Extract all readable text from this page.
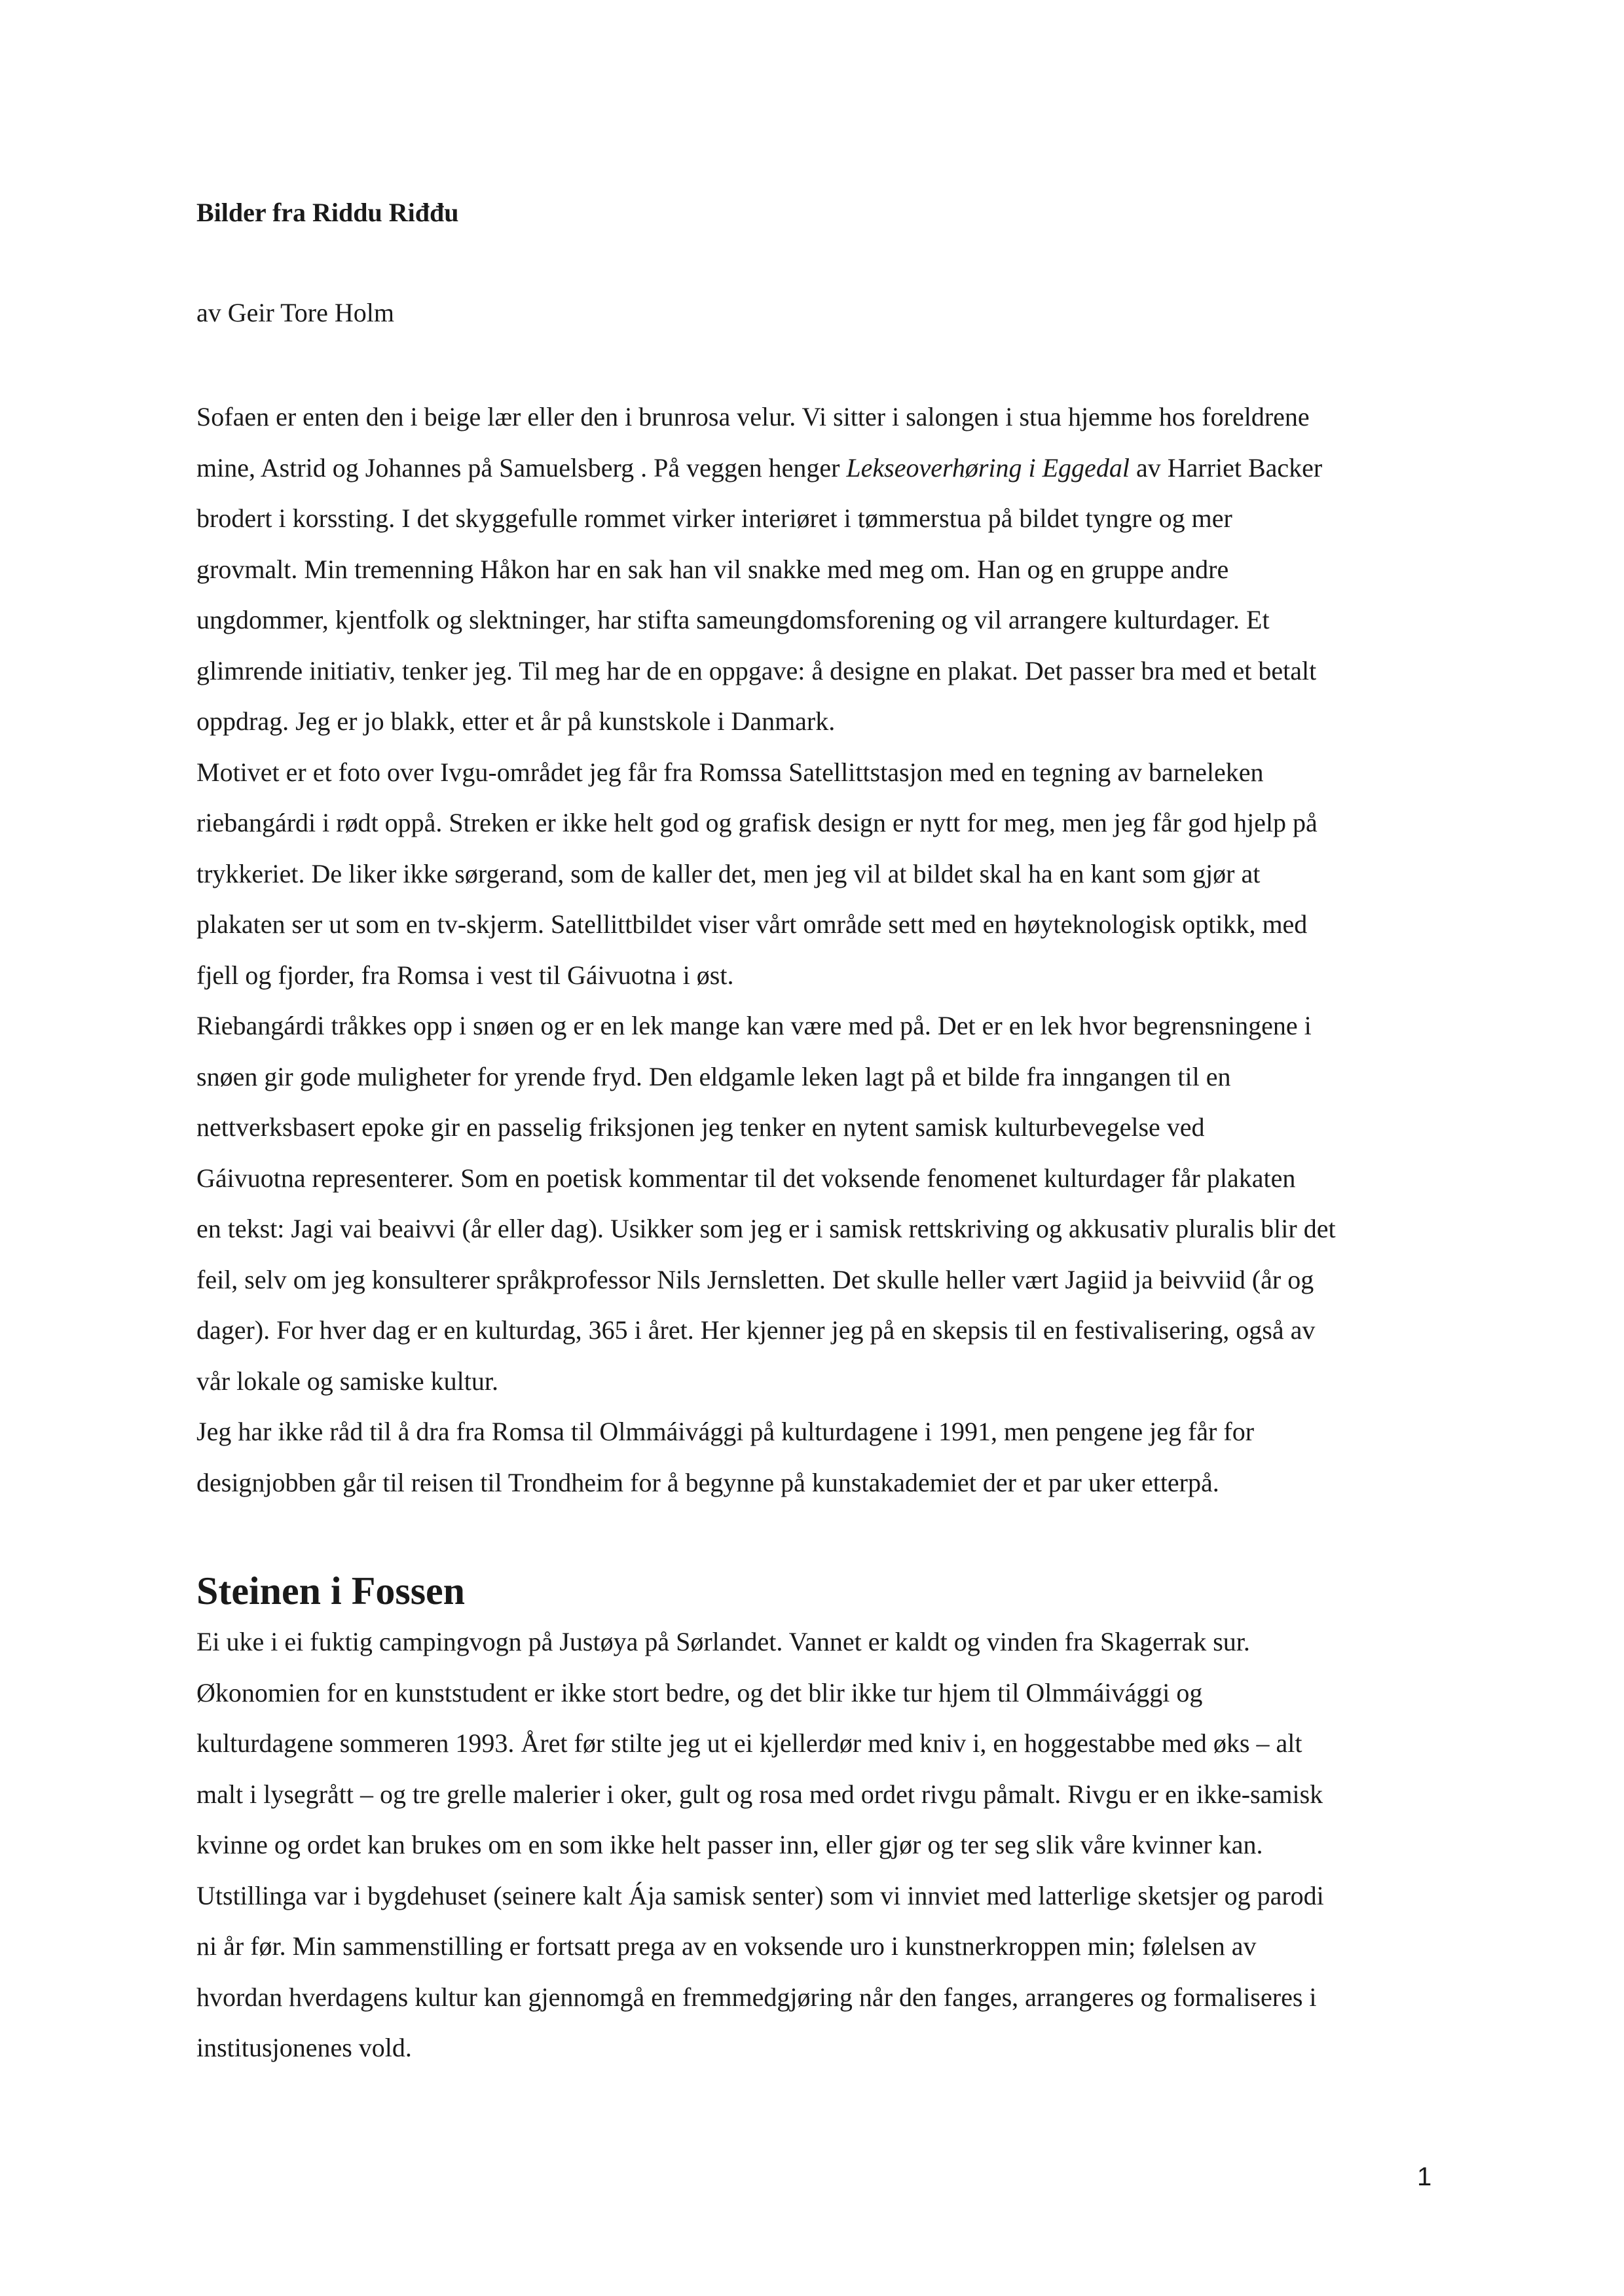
Bilder fra Riddu Riđđu

av Geir Tore Holm

Sofaen er enten den i beige lær eller den i brunrosa velur. Vi sitter i salongen i stua hjemme hos foreldrene
mine, Astrid og Johannes på Samuelsberg . På veggen henger Lekseoverhøring i Eggedal av Harriet Backer
brodert i korssting. I det skyggefulle rommet virker interiøret i tømmerstua på bildet tyngre og mer
grovmalt. Min tremenning Håkon har en sak han vil snakke med meg om. Han og en gruppe andre
ungdommer, kjentfolk og slektninger, har stifta sameungdomsforening og vil arrangere kulturdager. Et
glimrende initiativ, tenker jeg. Til meg har de en oppgave: å designe en plakat. Det passer bra med et betalt
oppdrag. Jeg er jo blakk, etter et år på kunstskole i Danmark.

Motivet er et foto over Ivgu-området jeg får fra Romssa Satellittstasjon med en tegning av barneleken
riebangárdi i rødt oppå. Streken er ikke helt god og grafisk design er nytt for meg, men jeg får god hjelp på
trykkeriet. De liker ikke sørgerand, som de kaller det, men jeg vil at bildet skal ha en kant som gjør at
plakaten ser ut som en tv-skjerm. Satellittbildet viser vårt område sett med en høyteknologisk optikk, med
fjell og fjorder, fra Romsa i vest til Gáivuotna i øst.

Riebangárdi tråkkes opp i snøen og er en lek mange kan være med på. Det er en lek hvor begrensningene i
snøen gir gode muligheter for yrende fryd. Den eldgamle leken lagt på et bilde fra inngangen til en
nettverksbasert epoke gir en passelig friksjonen jeg tenker en nytent samisk kulturbevegelse ved
Gáivuotna representerer. Som en poetisk kommentar til det voksende fenomenet kulturdager får plakaten
en tekst: Jagi vai beaivvi (år eller dag). Usikker som jeg er i samisk rettskriving og akkusativ pluralis blir det
feil, selv om jeg konsulterer språkprofessor Nils Jernsletten. Det skulle heller vært Jagiid ja beivviid (år og
dager). For hver dag er en kulturdag, 365 i året. Her kjenner jeg på en skepsis til en festivalisering, også av
vår lokale og samiske kultur.

Jeg har ikke råd til å dra fra Romsa til Olmmáivággi på kulturdagene i 1991, men pengene jeg får for
designjobben går til reisen til Trondheim for å begynne på kunstakademiet der et par uker etterpå.

Steinen i Fossen

Ei uke i ei fuktig campingvogn på Justøya på Sørlandet. Vannet er kaldt og vinden fra Skagerrak sur.
Økonomien for en kunststudent er ikke stort bedre, og det blir ikke tur hjem til Olmmáivággi og
kulturdagene sommeren 1993. Året før stilte jeg ut ei kjellerdør med kniv i, en hoggestabbe med øks – alt
malt i lysegrått – og tre grelle malerier i oker, gult og rosa med ordet rivgu påmalt. Rivgu er en ikke-samisk
kvinne og ordet kan brukes om en som ikke helt passer inn, eller gjør og ter seg slik våre kvinner kan.
Utstillinga var i bygdehuset (seinere kalt Ája samisk senter) som vi innviet med latterlige sketsjer og parodi
ni år før. Min sammenstilling er fortsatt prega av en voksende uro i kunstnerkroppen min; følelsen av
hvordan hverdagens kultur kan gjennomgå en fremmedgjøring når den fanges, arrangeres og formaliseres i
institusjonenes vold.

1
